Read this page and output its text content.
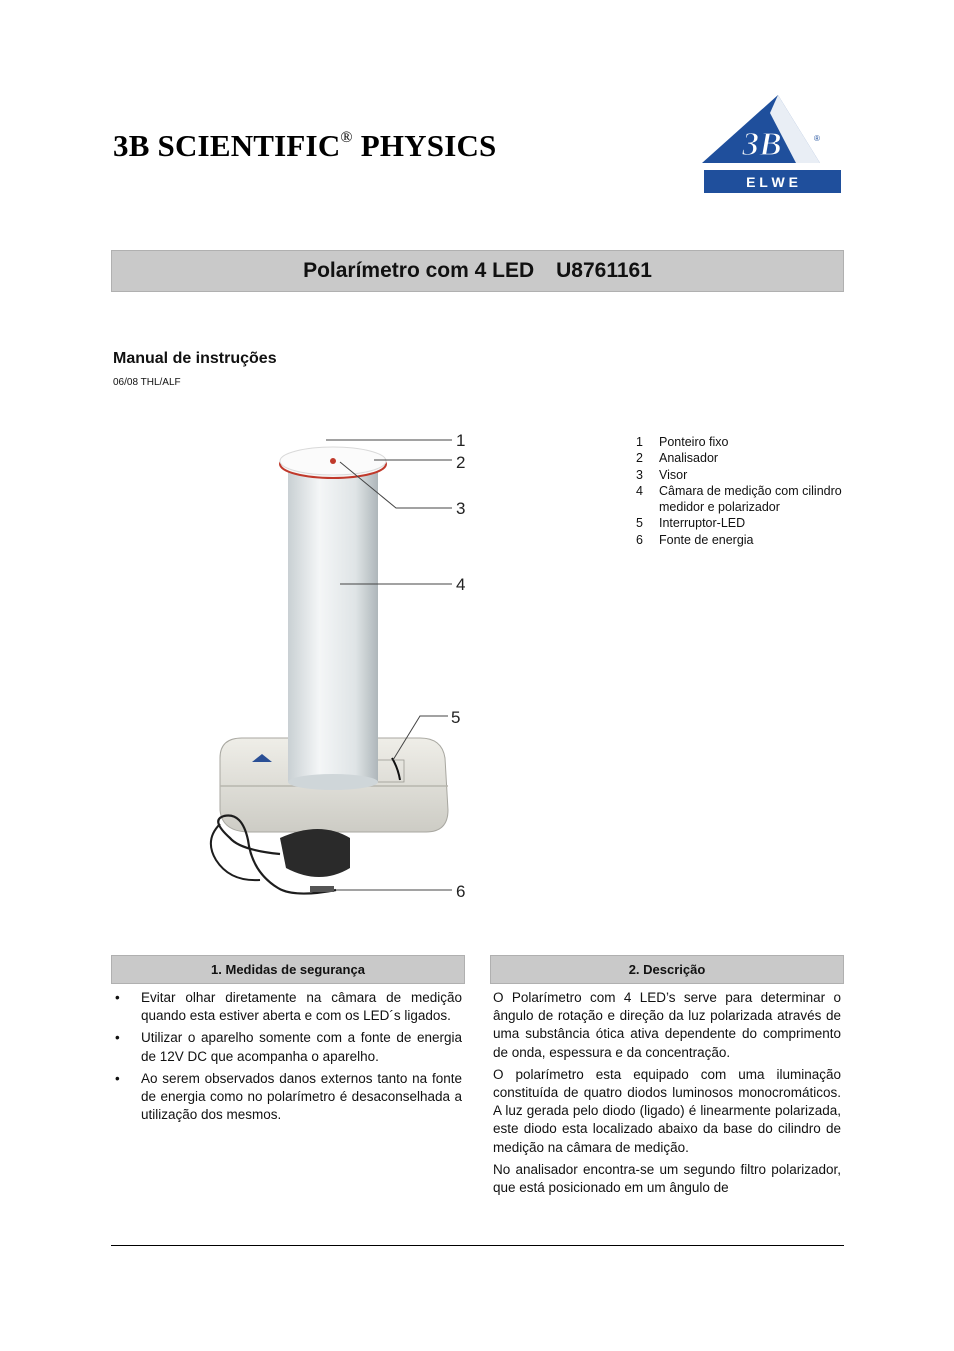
3B SCIENTIFIC® PHYSICS	3B	®
E L W E
Polarímetro com 4 LED U8761161
Manual de instruções
06/08 THL/ALF
1
2
3
4
5
6
1	Ponteiro fixo
2	Analisador
3	Visor
4	Câmara de medição com cilindro medidor e polarizador
5	Interruptor-LED
6	Fonte de energia
1. Medidas de segurança	2. Descrição
• Evitar olhar diretamente na câmara de medição quando esta estiver aberta e com os LED´s ligados.
• Utilizar o aparelho somente com a fonte de energia de 12V DC que acompanha o aparelho.
• Ao serem observados danos externos tanto na fonte de energia como no polarímetro é desaconselhada a utilização dos mesmos.

O Polarímetro com 4 LED’s serve para determinar o ângulo de rotação e direção da luz polarizada através de uma substância ótica ativa dependente do comprimento de onda, espessura e da concentração.

O polarímetro esta equipado com uma iluminação constituída de quatro diodos luminosos monocromáticos. A luz gerada pelo diodo (ligado) é linearmente polarizada, este diodo esta localizado abaixo da base do cilindro de medição na câmara de medição.

No analisador encontra-se um segundo filtro polarizador, que está posicionado em um ângulo de
